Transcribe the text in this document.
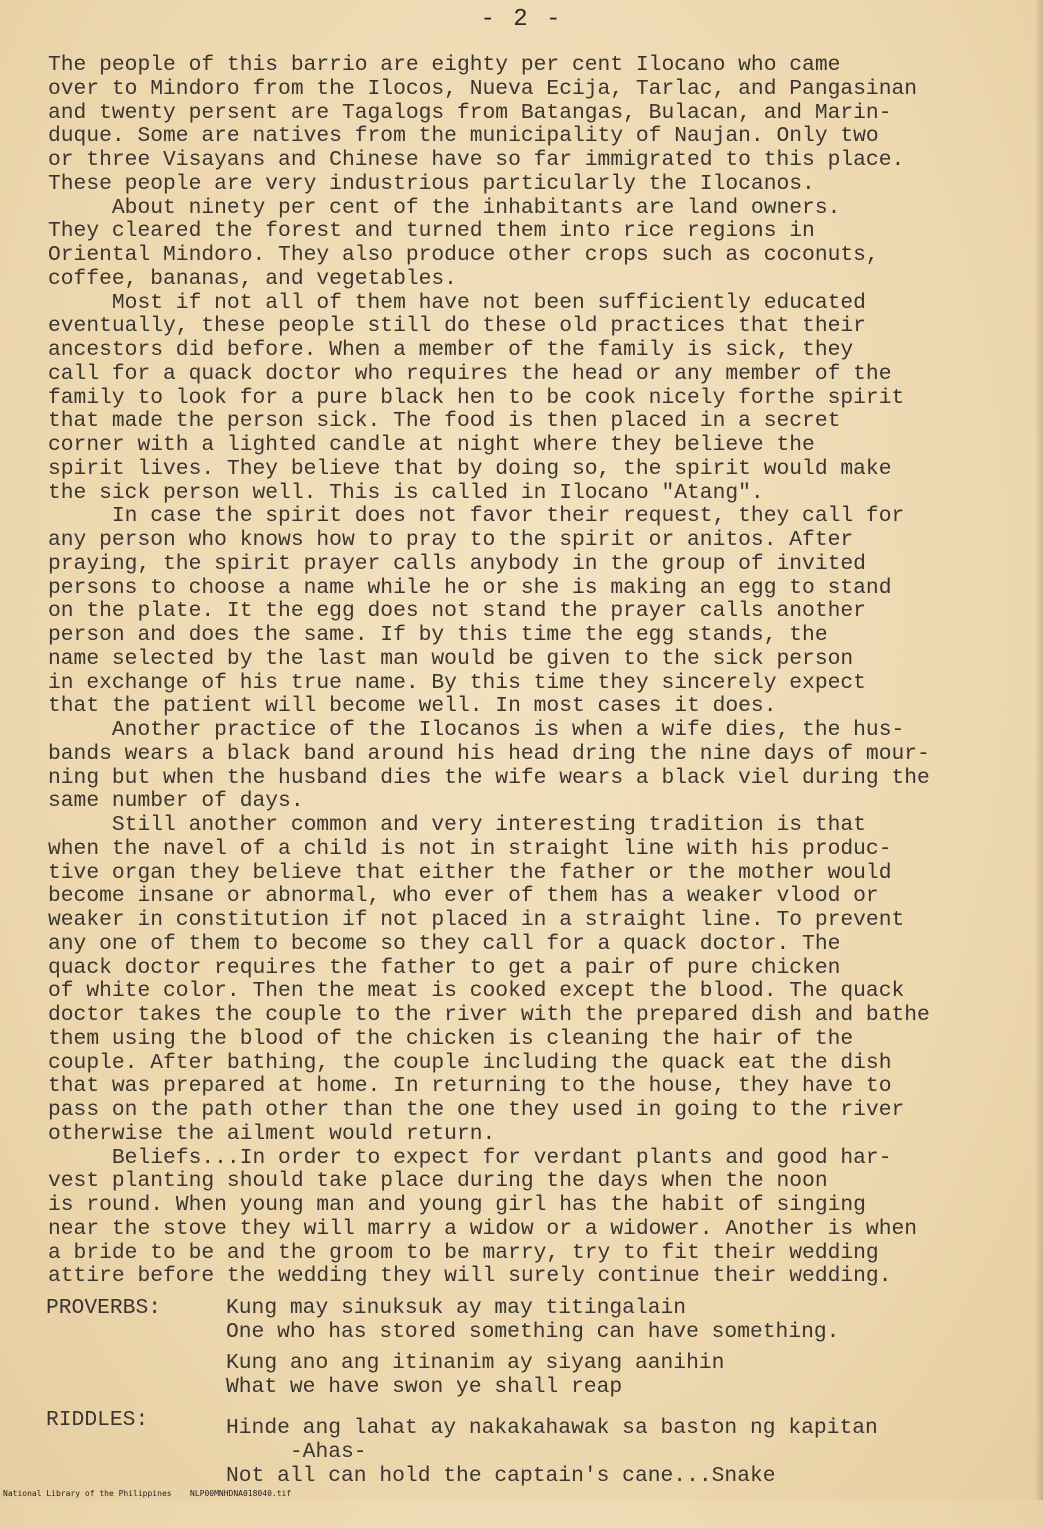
- 2 -
The people of this barrio are eighty per cent Ilocano who came
over to Mindoro from the Ilocos, Nueva Ecija, Tarlac, and Pangasinan
and twenty persent are Tagalogs from Batangas, Bulacan, and Marin-
duque. Some are natives from the municipality of Naujan. Only two
or three Visayans and Chinese have so far immigrated to this place.
These people are very industrious particularly the Ilocanos.
About ninety per cent of the inhabitants are land owners.
They cleared the forest and turned them into rice regions in
Oriental Mindoro. They also produce other crops such as coconuts,
coffee, bananas, and vegetables.
Most if not all of them have not been sufficiently educated
eventually, these people still do these old practices that their
ancestors did before. When a member of the family is sick, they
call for a quack doctor who requires the head or any member of the
family to look for a pure black hen to be cook nicely forthe spirit
that made the person sick. The food is then placed in a secret
corner with a lighted candle at night where they believe the
spirit lives. They believe that by doing so, the spirit would make
the sick person well. This is called in Ilocano "Atang".
In case the spirit does not favor their request, they call for
any person who knows how to pray to the spirit or anitos. After
praying, the spirit prayer calls anybody in the group of invited
persons to choose a name while he or she is making an egg to stand
on the plate. It the egg does not stand the prayer calls another
person and does the same. If by this time the egg stands, the
name selected by the last man would be given to the sick person
in exchange of his true name. By this time they sincerely expect
that the patient will become well. In most cases it does.
Another practice of the Ilocanos is when a wife dies, the hus-
bands wears a black band around his head dring the nine days of mour-
ning but when the husband dies the wife wears a black viel during the
same number of days.
Still another common and very interesting tradition is that
when the navel of a child is not in straight line with his produc-
tive organ they believe that either the father or the mother would
become insane or abnormal, who ever of them has a weaker vlood or
weaker in constitution if not placed in a straight line. To prevent
any one of them to become so they call for a quack doctor. The
quack doctor requires the father to get a pair of pure chicken
of white color. Then the meat is cooked except the blood. The quack
doctor takes the couple to the river with the prepared dish and bathe
them using the blood of the chicken is cleaning the hair of the
couple. After bathing, the couple including the quack eat the dish
that was prepared at home. In returning to the house, they have to
pass on the path other than the one they used in going to the river
otherwise the ailment would return.
Beliefs...In order to expect for verdant plants and good har-
vest planting should take place during the days when the noon
is round. When young man and young girl has the habit of singing
near the stove they will marry a widow or a widower. Another is when
a bride to be and the groom to be marry, try to fit their wedding
attire before the wedding they will surely continue their wedding.

PROVERBS:

	Kung may sinuksuk ay may titingalain

One who has stored something can have something.

Kung ano ang itinanim ay siyang aanihin

What we have swon ye shall reap

RIDDLES:

	Hinde ang lahat ay nakakahawak sa baston ng kapitan

-Ahas-

Not all can hold the captain's cane...Snake

National Library of the Philippines NLP00MNHDNA018040.tif
